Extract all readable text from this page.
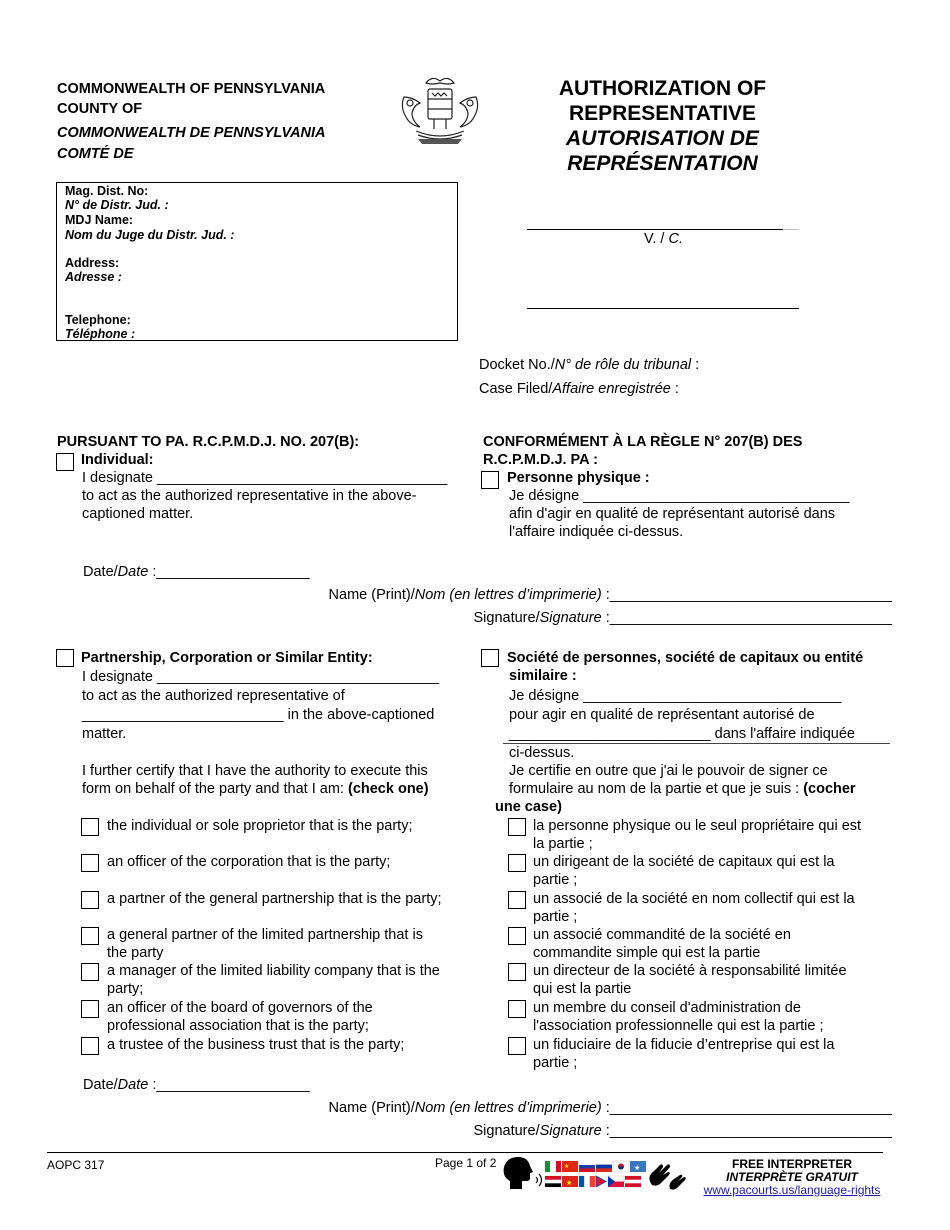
COMMONWEALTH OF PENNSYLVANIA
COUNTY OF
COMMONWEALTH DE PENNSYLVANIA
COMTÉ DE
AUTHORIZATION OF
REPRESENTATIVE
AUTORISATION DE
REPRÉSENTATION
Mag. Dist. No:
N° de Distr. Jud. :
MDJ Name:
Nom du Juge du Distr. Jud. :
Address:
Adresse :
Telephone:
Téléphone :
V. / C.
Docket No./N° de rôle du tribunal :
Case Filed/Affaire enregistrée :
PURSUANT TO PA. R.C.P.M.D.J. NO. 207(B):	CONFORMÉMENT À LA RÈGLE N° 207(B) DES
R.C.P.M.D.J. PA :
Individual:
I designate ____________________________________
to act as the authorized representative in the above-
captioned matter.
Personne physique :
Je désigne _________________________________
afin d'agir en qualité de représentant autorisé dans
l'affaire indiquée ci-dessus.
Date/Date :___________________
Name (Print)/Nom (en lettres d’imprimerie) :___________________________________
Signature/Signature :___________________________________
Partnership, Corporation or Similar Entity:
I designate ___________________________________
to act as the authorized representative of
_________________________ in the above-captioned
matter.
I further certify that I have the authority to execute this
form on behalf of the party and that I am: (check one)
Société de personnes, société de capitaux ou entité
similaire :
Je désigne ________________________________
pour agir en qualité de représentant autorisé de
_________________________ dans l'affaire indiquée
ci-dessus.
Je certifie en outre que j'ai le pouvoir de signer ce
formulaire au nom de la partie et que je suis : (cocher
une case)
the individual or sole proprietor that is the party;
an officer of the corporation that is the party;
a partner of the general partnership that is the party;
a general partner of the limited partnership that is
the party
a manager of the limited liability company that is the
party;
an officer of the board of governors of the
professional association that is the party;
a trustee of the business trust that is the party;
la personne physique ou le seul propriétaire qui est
la partie ;
un dirigeant de la société de capitaux qui est la
partie ;
un associé de la société en nom collectif qui est la
partie ;
un associé commandité de la société en
commandite simple qui est la partie
un directeur de la société à responsabilité limitée
qui est la partie
un membre du conseil d'administration de
l'association professionnelle qui est la partie ;
un fiduciaire de la fiducie d’entreprise qui est la
partie ;
Date/Date :___________________
Name (Print)/Nom (en lettres d’imprimerie) :___________________________________
Signature/Signature :___________________________________
AOPC 317	Page 1 of 2	★	★
★
FREE INTERPRETER
INTERPRÈTE GRATUIT
www.pacourts.us/language-rights
